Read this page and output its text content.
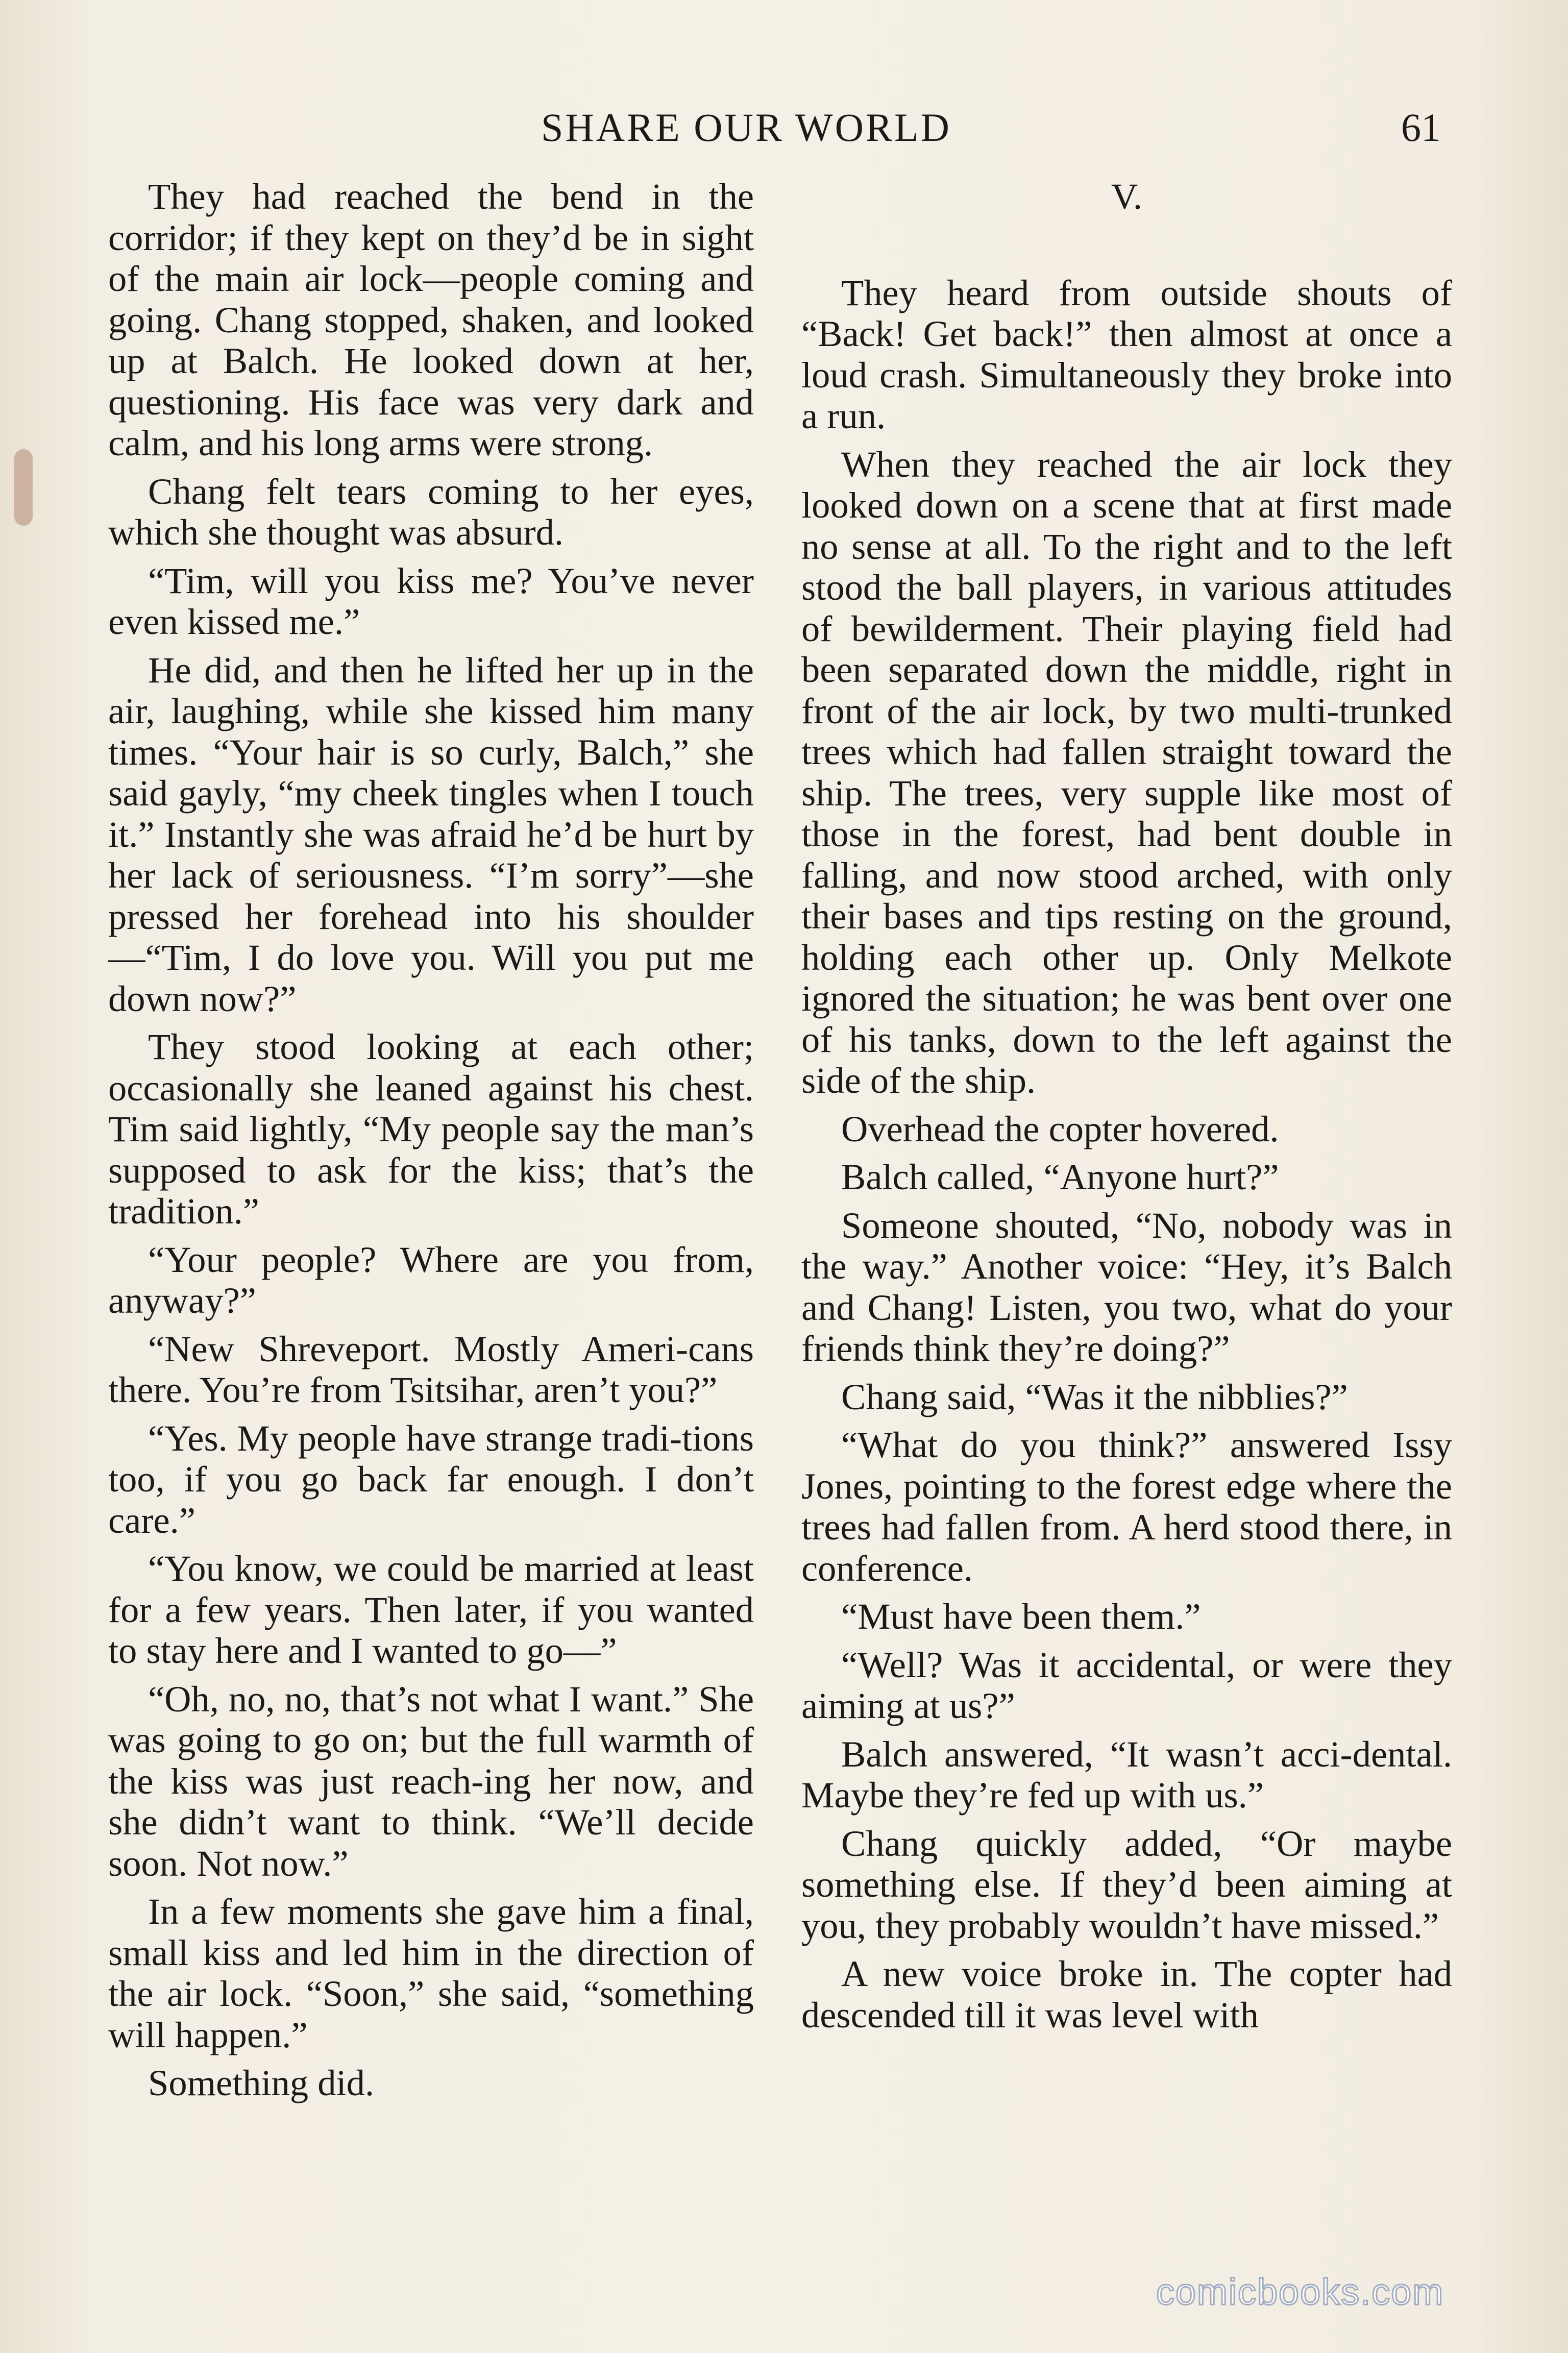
SHARE OUR WORLD	61

They had reached the bend in the corridor; if they kept on they’d be in sight of the main air lock—people coming and going. Chang stopped, shaken, and looked up at Balch. He looked down at her, questioning. His face was very dark and calm, and his long arms were strong.

Chang felt tears coming to her eyes, which she thought was absurd.

“Tim, will you kiss me? You’ve never even kissed me.”

He did, and then he lifted her up in the air, laughing, while she kissed him many times. “Your hair is so curly, Balch,” she said gayly, “my cheek tingles when I touch it.” Instantly she was afraid he’d be hurt by her lack of seriousness. “I’m sorry”—she pressed her forehead into his shoulder—“Tim, I do love you. Will you put me down now?”

They stood looking at each other; occasionally she leaned against his chest. Tim said lightly, “My people say the man’s supposed to ask for the kiss; that’s the tradition.”

“Your people? Where are you from, anyway?”

“New Shreveport. Mostly Ameri-cans there. You’re from Tsitsihar, aren’t you?”

“Yes. My people have strange tradi-tions too, if you go back far enough. I don’t care.”

“You know, we could be married at least for a few years. Then later, if you wanted to stay here and I wanted to go—”

“Oh, no, no, that’s not what I want.” She was going to go on; but the full warmth of the kiss was just reach-ing her now, and she didn’t want to think. “We’ll decide soon. Not now.”

In a few moments she gave him a final, small kiss and led him in the direction of the air lock. “Soon,” she said, “something will happen.”

Something did.

V.

They heard from outside shouts of “Back! Get back!” then almost at once a loud crash. Simultaneously they broke into a run.

When they reached the air lock they looked down on a scene that at first made no sense at all. To the right and to the left stood the ball players, in various attitudes of bewilderment. Their playing field had been separated down the middle, right in front of the air lock, by two multi-trunked trees which had fallen straight toward the ship. The trees, very supple like most of those in the forest, had bent double in falling, and now stood arched, with only their bases and tips resting on the ground, holding each other up. Only Melkote ignored the situation; he was bent over one of his tanks, down to the left against the side of the ship.

Overhead the copter hovered.

Balch called, “Anyone hurt?”

Someone shouted, “No, nobody was in the way.” Another voice: “Hey, it’s Balch and Chang! Listen, you two, what do your friends think they’re doing?”

Chang said, “Was it the nibblies?”

“What do you think?” answered Issy Jones, pointing to the forest edge where the trees had fallen from. A herd stood there, in conference.

“Must have been them.”

“Well? Was it accidental, or were they aiming at us?”

Balch answered, “It wasn’t acci-dental. Maybe they’re fed up with us.”

Chang quickly added, “Or maybe something else. If they’d been aiming at you, they probably wouldn’t have missed.”

A new voice broke in. The copter had descended till it was level with

comicbooks.com
